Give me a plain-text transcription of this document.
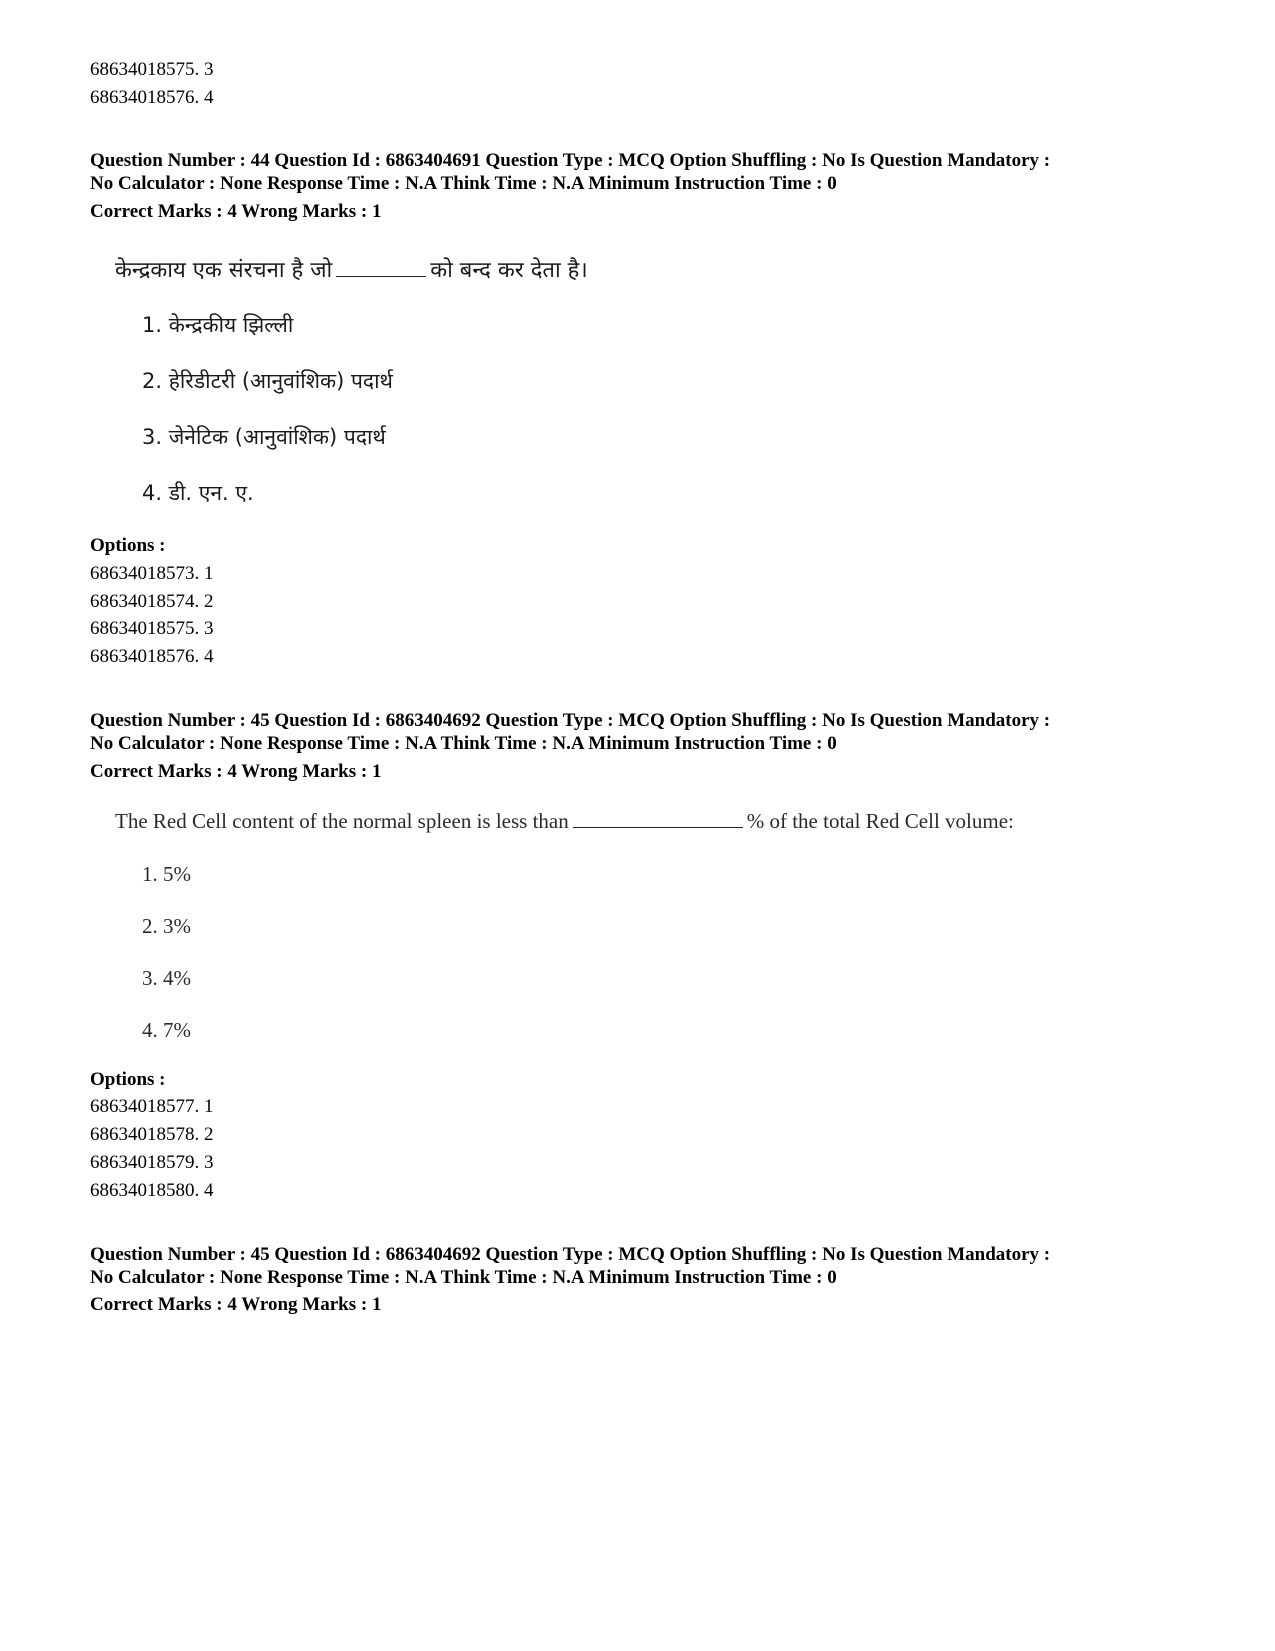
68634018575. 3
68634018576. 4
Question Number : 44 Question Id : 6863404691 Question Type : MCQ Option Shuffling : No Is Question Mandatory :
No Calculator : None Response Time : N.A Think Time : N.A Minimum Instruction Time : 0
Correct Marks : 4 Wrong Marks : 1
केन्द्रकाय एक संरचना है जो	को बन्द कर देता है।
1. केन्द्रकीय झिल्ली
2. हेरिडीटरी (आनुवांशिक) पदार्थ
3. जेनेटिक (आनुवांशिक) पदार्थ
4. डी. एन. ए.
Options :
68634018573. 1
68634018574. 2
68634018575. 3
68634018576. 4
Question Number : 45 Question Id : 6863404692 Question Type : MCQ Option Shuffling : No Is Question Mandatory :
No Calculator : None Response Time : N.A Think Time : N.A Minimum Instruction Time : 0
Correct Marks : 4 Wrong Marks : 1
The Red Cell content of the normal spleen is less than	% of the total Red Cell volume:
1. 5%
2. 3%
3. 4%
4. 7%
Options :
68634018577. 1
68634018578. 2
68634018579. 3
68634018580. 4
Question Number : 45 Question Id : 6863404692 Question Type : MCQ Option Shuffling : No Is Question Mandatory :
No Calculator : None Response Time : N.A Think Time : N.A Minimum Instruction Time : 0
Correct Marks : 4 Wrong Marks : 1
